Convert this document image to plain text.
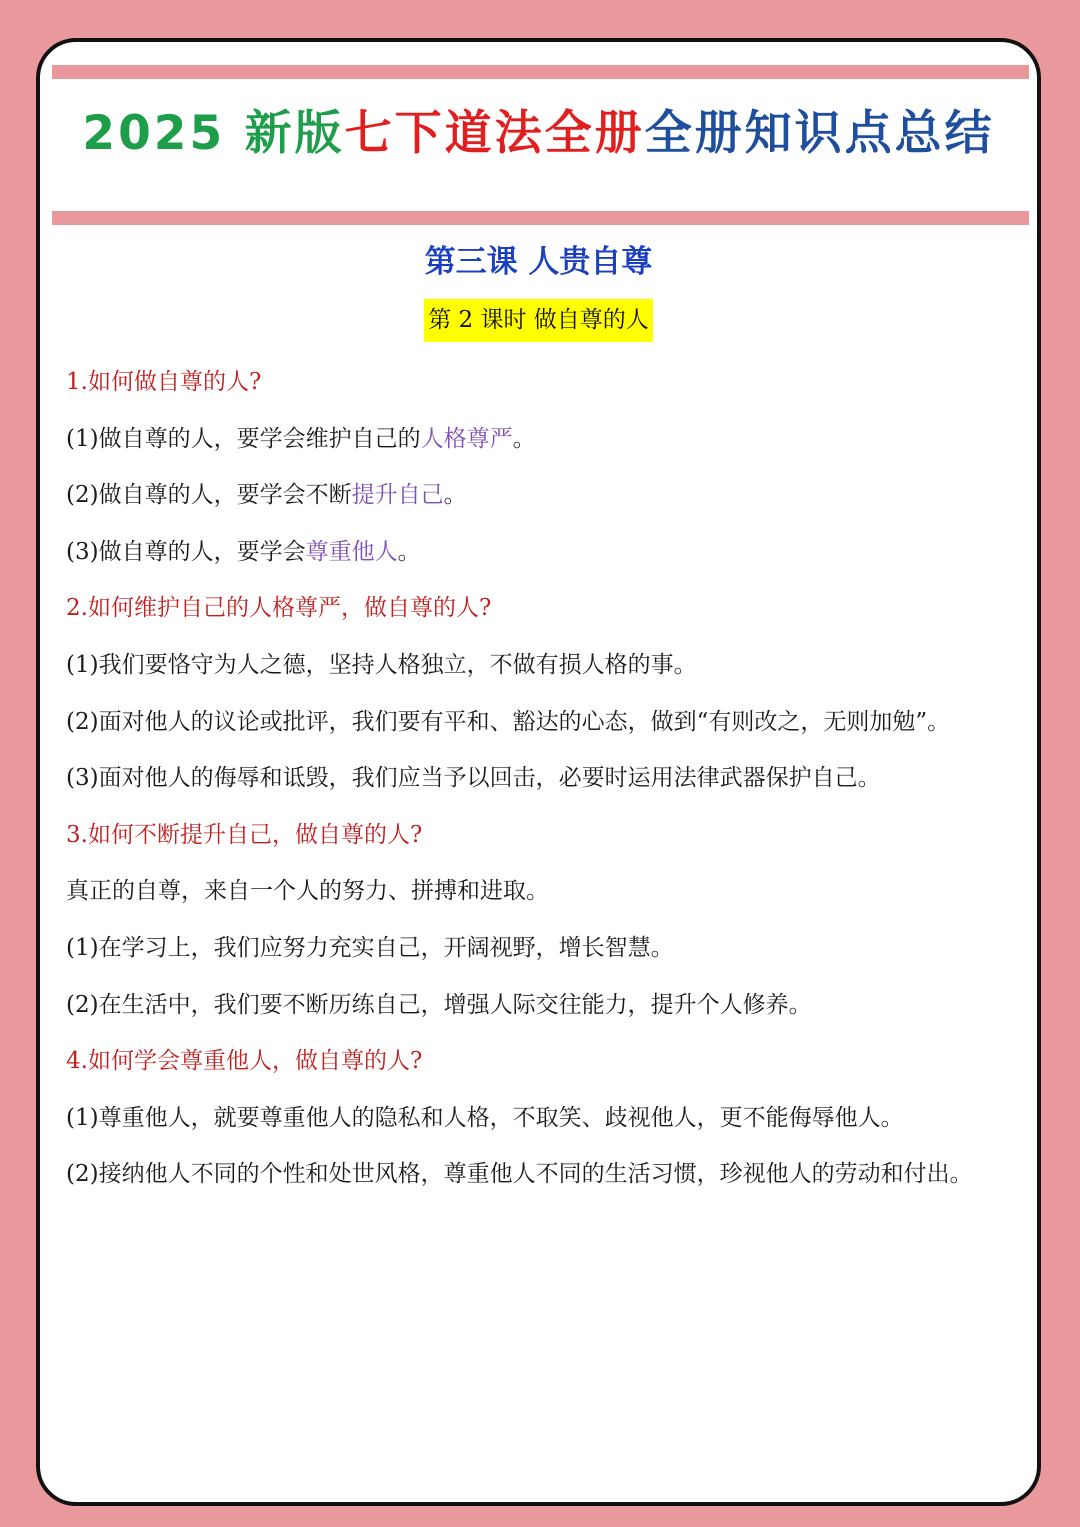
2025 新版七下道法全册全册知识点总结
第三课 人贵自尊
第 2 课时 做自尊的人
1.如何做自尊的人?
(1)做自尊的人，要学会维护自己的人格尊严。
(2)做自尊的人，要学会不断提升自己。
(3)做自尊的人，要学会尊重他人。
2.如何维护自己的人格尊严，做自尊的人?
(1)我们要恪守为人之德，坚持人格独立，不做有损人格的事。
(2)面对他人的议论或批评，我们要有平和、豁达的心态，做到“有则改之，无则加勉”。
(3)面对他人的侮辱和诋毁，我们应当予以回击，必要时运用法律武器保护自己。
3.如何不断提升自己，做自尊的人?
真正的自尊，来自一个人的努力、拼搏和进取。
(1)在学习上，我们应努力充实自己，开阔视野，增长智慧。
(2)在生活中，我们要不断历练自己，增强人际交往能力，提升个人修养。
4.如何学会尊重他人，做自尊的人?
(1)尊重他人，就要尊重他人的隐私和人格，不取笑、歧视他人，更不能侮辱他人。
(2)接纳他人不同的个性和处世风格，尊重他人不同的生活习惯，珍视他人的劳动和付出。
